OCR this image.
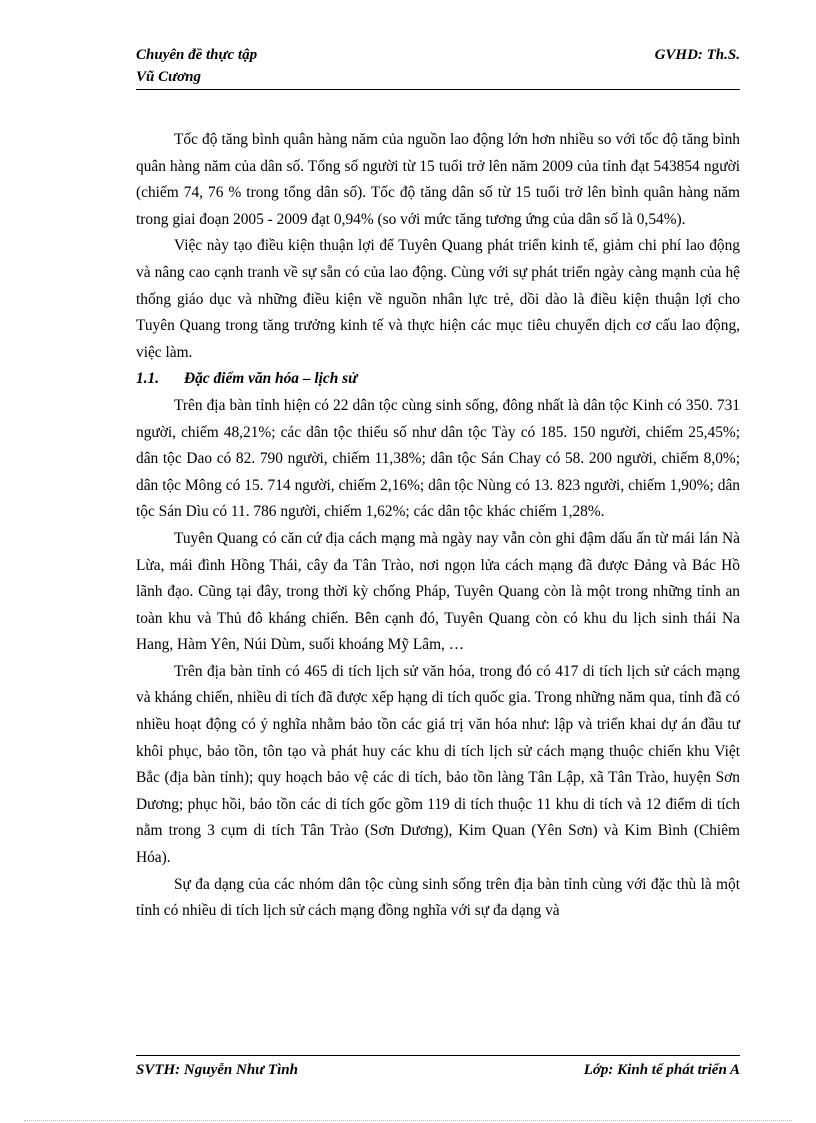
Chuyên đề thực tập	GVHD: Th.S.
Vũ Cương

Tốc độ tăng bình quân hàng năm của nguồn lao động lớn hơn nhiều so với tốc độ tăng bình quân hàng năm của dân số. Tổng số người từ 15 tuổi trở lên năm 2009 của tỉnh đạt 543854 người (chiếm 74, 76 % trong tổng dân số). Tốc độ tăng dân số từ 15 tuổi trở lên bình quân hàng năm trong giai đoạn 2005 - 2009 đạt 0,94% (so với mức tăng tương ứng của dân số là 0,54%).

Việc này tạo điều kiện thuận lợi để Tuyên Quang phát triển kinh tế, giảm chi phí lao động và nâng cao cạnh tranh về sự sẵn có của lao động. Cùng với sự phát triển ngày càng mạnh của hệ thống giáo dục và những điều kiện về nguồn nhân lực trẻ, dồi dào là điều kiện thuận lợi cho Tuyên Quang trong tăng trưởng kinh tế và thực hiện các mục tiêu chuyển dịch cơ cấu lao động, việc làm.

1.1. Đặc điểm văn hóa – lịch sử

Trên địa bàn tỉnh hiện có 22 dân tộc cùng sinh sống, đông nhất là dân tộc Kinh có 350. 731 người, chiếm 48,21%; các dân tộc thiểu số như dân tộc Tày có 185. 150 người, chiếm 25,45%; dân tộc Dao có 82. 790 người, chiếm 11,38%; dân tộc Sán Chay có 58. 200 người, chiếm 8,0%; dân tộc Mông có 15. 714 người, chiếm 2,16%; dân tộc Nùng có 13. 823 người, chiếm 1,90%; dân tộc Sán Dìu có 11. 786 người, chiếm 1,62%; các dân tộc khác chiếm 1,28%.

Tuyên Quang có căn cứ địa cách mạng mà ngày nay vẫn còn ghi đậm dấu ấn từ mái lán Nà Lừa, mái đình Hồng Thái, cây đa Tân Trào, nơi ngọn lửa cách mạng đã được Đảng và Bác Hồ lãnh đạo. Cũng tại đây, trong thời kỳ chống Pháp, Tuyên Quang còn là một trong những tỉnh an toàn khu và Thủ đô kháng chiến. Bên cạnh đó, Tuyên Quang còn có khu du lịch sinh thái Na Hang, Hàm Yên, Núi Dùm, suối khoáng Mỹ Lâm, …

Trên địa bàn tỉnh có 465 di tích lịch sử văn hóa, trong đó có 417 di tích lịch sử cách mạng và kháng chiến, nhiều di tích đã được xếp hạng di tích quốc gia. Trong những năm qua, tỉnh đã có nhiều hoạt động có ý nghĩa nhằm bảo tồn các giá trị văn hóa như: lập và triển khai dự án đầu tư khôi phục, bảo tồn, tôn tạo và phát huy các khu di tích lịch sử cách mạng thuộc chiến khu Việt Bắc (địa bàn tỉnh); quy hoạch bảo vệ các di tích, bảo tồn làng Tân Lập, xã Tân Trào, huyện Sơn Dương; phục hồi, bảo tồn các di tích gốc gồm 119 di tích thuộc 11 khu di tích và 12 điểm di tích nằm trong 3 cụm di tích Tân Trào (Sơn Dương), Kim Quan (Yên Sơn) và Kim Bình (Chiêm Hóa).

Sự đa dạng của các nhóm dân tộc cùng sinh sống trên địa bàn tỉnh cùng với đặc thù là một tỉnh có nhiều di tích lịch sử cách mạng đồng nghĩa với sự đa dạng và

SVTH: Nguyễn Như Tình	Lớp: Kinh tế phát triển A
